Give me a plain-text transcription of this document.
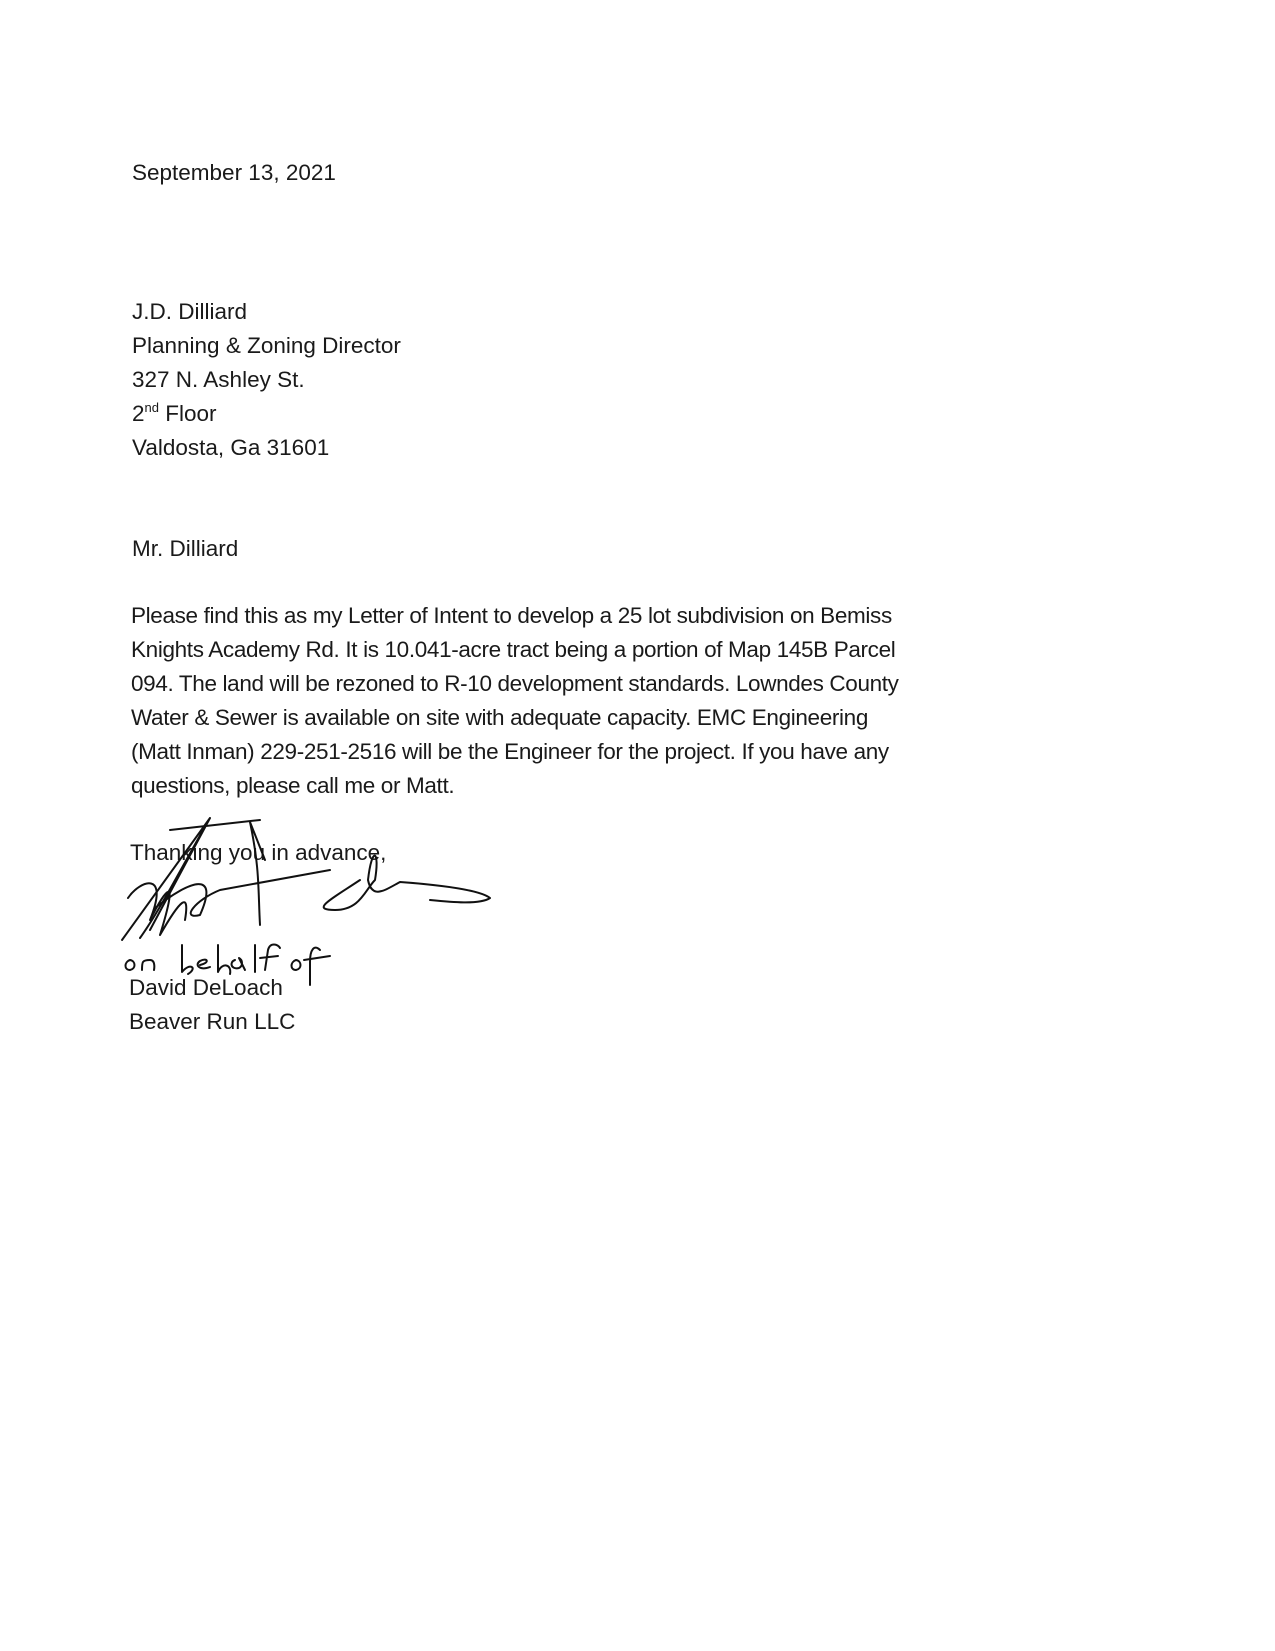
September 13, 2021
J.D. Dilliard
Planning & Zoning Director
327 N. Ashley St.
2nd Floor
Valdosta, Ga 31601
Mr. Dilliard
Please find this as my Letter of Intent to develop a 25 lot subdivision on Bemiss
Knights Academy Rd. It is 10.041-acre tract being a portion of Map 145B Parcel
094. The land will be rezoned to R-10 development standards. Lowndes County
Water & Sewer is available on site with adequate capacity. EMC Engineering
(Matt Inman) 229-251-2516 will be the Engineer for the project. If you have any
questions, please call me or Matt.
Thanking you in advance,
David DeLoach
Beaver Run LLC
